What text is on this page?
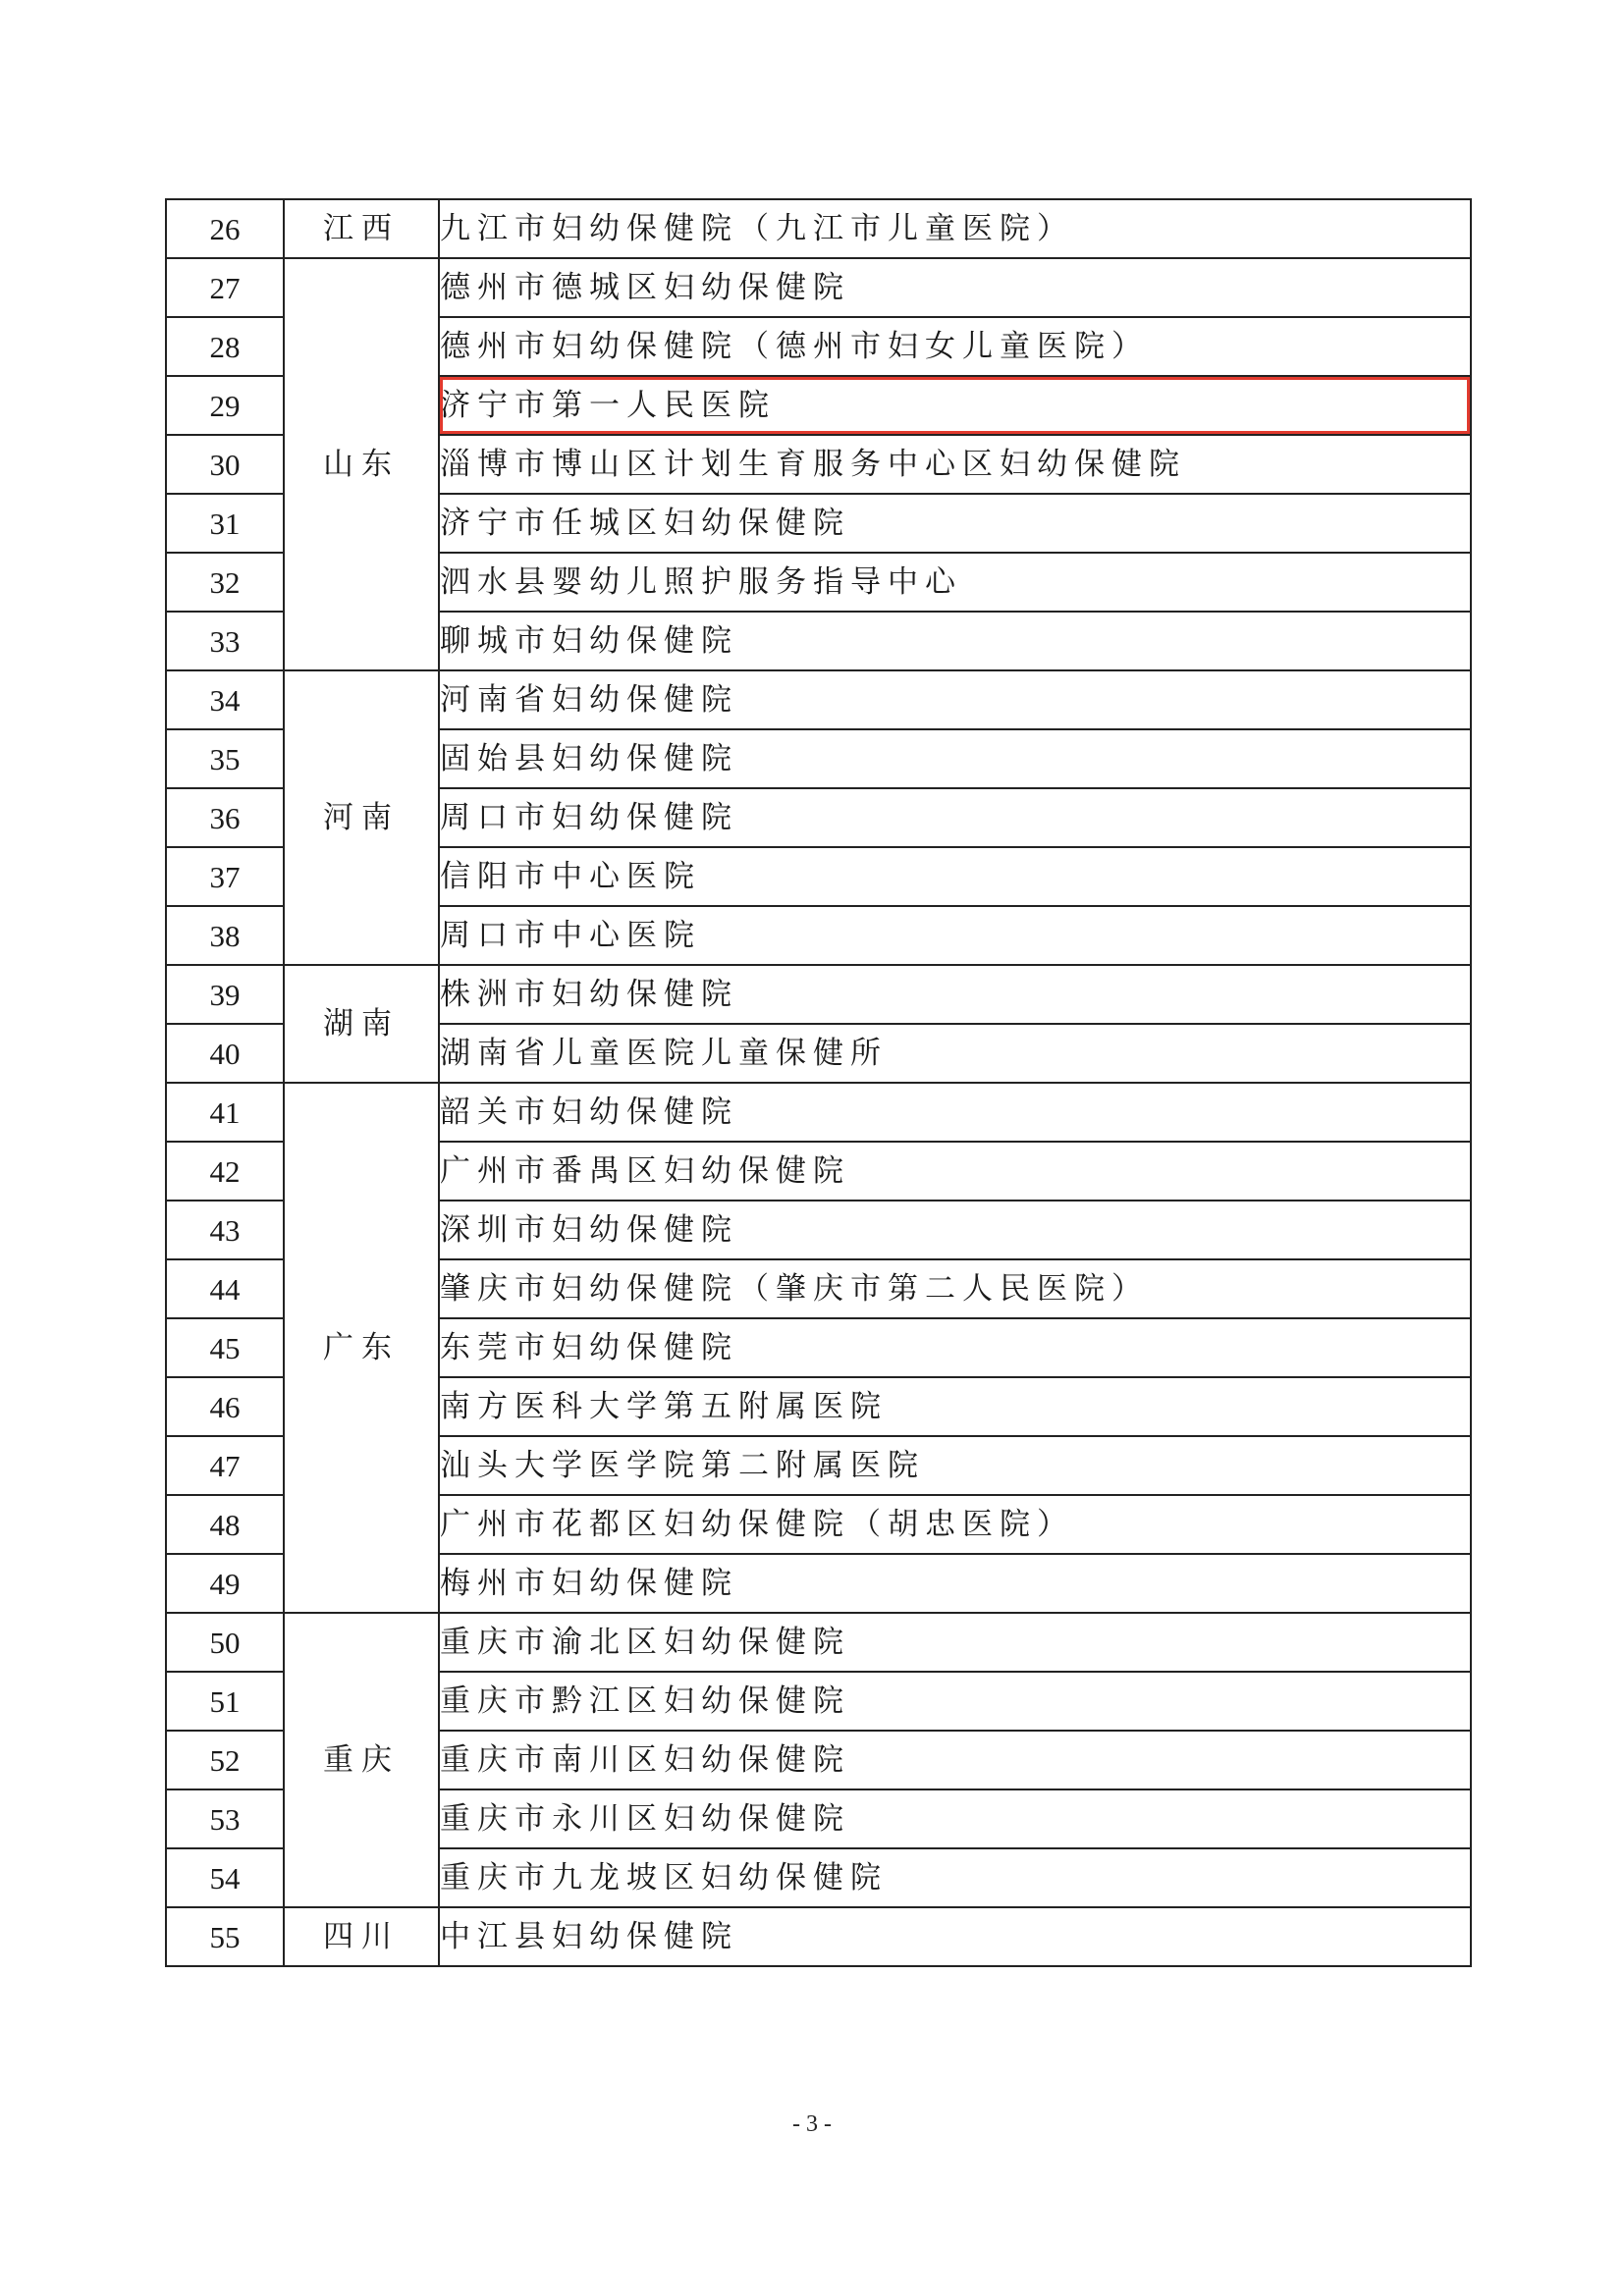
26	江西	九江市妇幼保健院（九江市儿童医院）
27	山东	德州市德城区妇幼保健院
28		德州市妇幼保健院（德州市妇女儿童医院）
29		济宁市第一人民医院

30		淄博市博山区计划生育服务中心区妇幼保健院
31		济宁市任城区妇幼保健院
32		泗水县婴幼儿照护服务指导中心
33		聊城市妇幼保健院
34	河南	河南省妇幼保健院
35		固始县妇幼保健院
36		周口市妇幼保健院
37		信阳市中心医院
38		周口市中心医院
39	湖南	株洲市妇幼保健院
40		湖南省儿童医院儿童保健所
41	广东	韶关市妇幼保健院
42		广州市番禺区妇幼保健院
43		深圳市妇幼保健院
44		肇庆市妇幼保健院（肇庆市第二人民医院）
45		东莞市妇幼保健院
46		南方医科大学第五附属医院
47		汕头大学医学院第二附属医院
48		广州市花都区妇幼保健院（胡忠医院）
49		梅州市妇幼保健院
50	重庆	重庆市渝北区妇幼保健院
51		重庆市黔江区妇幼保健院
52		重庆市南川区妇幼保健院
53		重庆市永川区妇幼保健院
54		重庆市九龙坡区妇幼保健院
55	四川	中江县妇幼保健院
- 3 -
